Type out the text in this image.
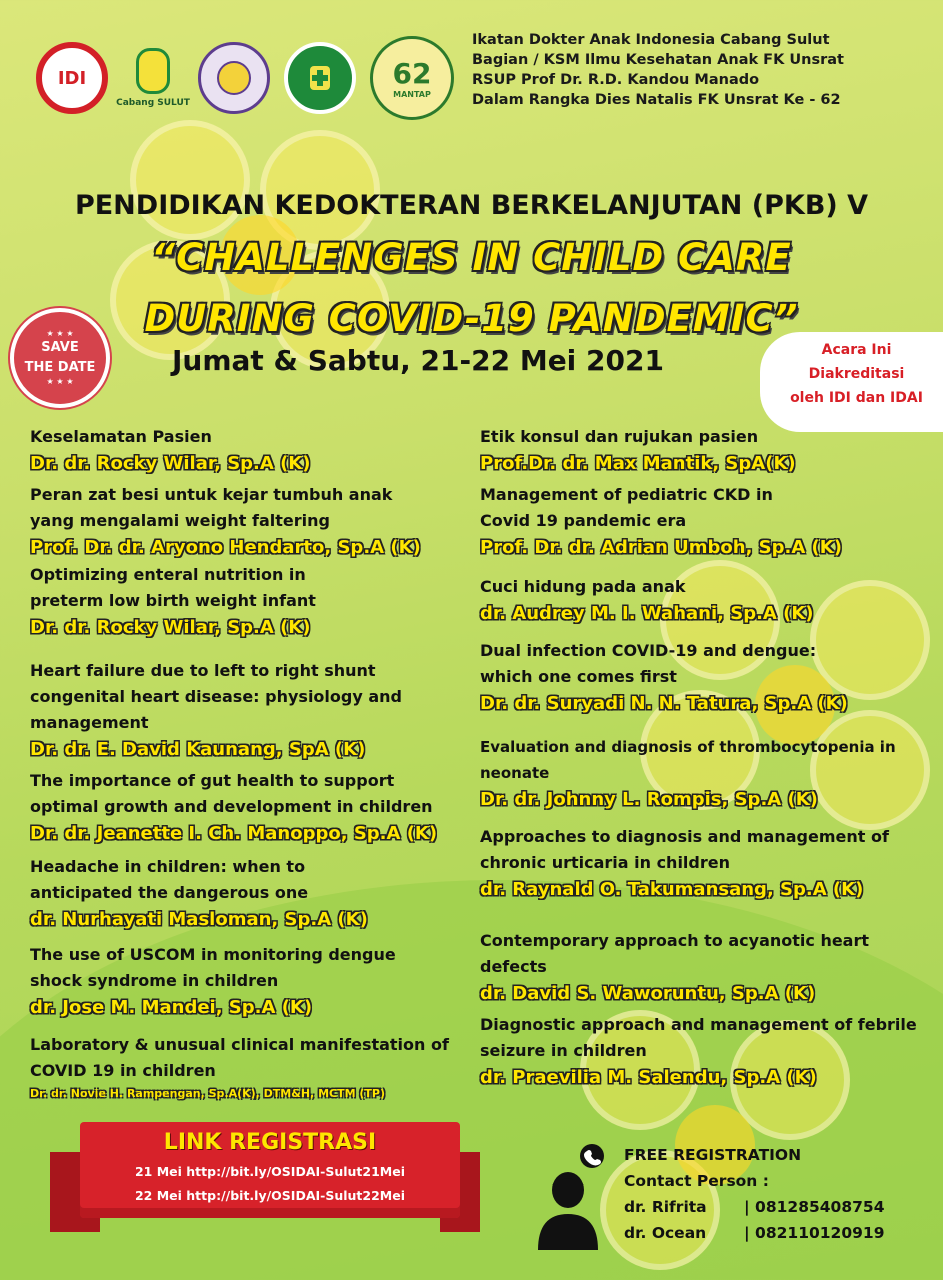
IDI
Cabang SULUT
62
MANTAP
Ikatan Dokter Anak Indonesia Cabang Sulut
Bagian / KSM Ilmu Kesehatan Anak FK Unsrat
RSUP Prof Dr. R.D. Kandou Manado
Dalam Rangka Dies Natalis FK Unsrat Ke - 62
PENDIDIKAN KEDOKTERAN BERKELANJUTAN (PKB) V
“CHALLENGES IN CHILD CARE
DURING COVID-19 PANDEMIC”
Jumat & Sabtu, 21-22 Mei 2021
★ ★ ★
SAVE
THE DATE
★ ★ ★
Acara Ini
Diakreditasi
oleh IDI dan IDAI
Keselamatan Pasien
Dr. dr. Rocky Wilar, Sp.A (K)
Peran zat besi untuk kejar tumbuh anak yang mengalami weight faltering
Prof. Dr. dr. Aryono Hendarto, Sp.A (K)
Optimizing enteral nutrition in preterm low birth weight infant
Dr. dr. Rocky Wilar, Sp.A (K)
Heart failure due to left to right shunt congenital heart disease: physiology and management
Dr. dr. E. David Kaunang, SpA (K)
The importance of gut health to support optimal growth and development in children
Dr. dr. Jeanette I. Ch. Manoppo, Sp.A (K)
Headache in children: when to anticipated the dangerous one
dr. Nurhayati Masloman, Sp.A (K)
The use of USCOM in monitoring dengue shock syndrome in children
dr. Jose M. Mandei, Sp.A (K)
Laboratory & unusual clinical manifestation of COVID 19 in children
Dr. dr. Novie H. Rampengan, Sp.A(K), DTM&H, MCTM (TP)
Etik konsul dan rujukan pasien
Prof.Dr. dr. Max Mantik, SpA(K)
Management of pediatric CKD in Covid 19 pandemic era
Prof. Dr. dr. Adrian Umboh, Sp.A (K)
Cuci hidung pada anak
dr. Audrey M. I. Wahani, Sp.A (K)
Dual infection COVID-19 and dengue: which one comes first
Dr. dr. Suryadi N. N. Tatura, Sp.A (K)
Evaluation and diagnosis of thrombocytopenia in neonate
Dr. dr. Johnny L. Rompis, Sp.A (K)
Approaches to diagnosis and management of chronic urticaria in children
dr. Raynald O. Takumansang, Sp.A (K)
Contemporary approach to acyanotic heart defects
dr. David S. Waworuntu, Sp.A (K)
Diagnostic approach and management of febrile seizure in children
dr. Praevilia M. Salendu, Sp.A (K)
LINK REGISTRASI
21 Mei http://bit.ly/OSIDAI-Sulut21Mei
22 Mei http://bit.ly/OSIDAI-Sulut22Mei
FREE REGISTRATION
Contact Person :
dr. Rifrita	| 081285408754
dr. Ocean	| 082110120919
